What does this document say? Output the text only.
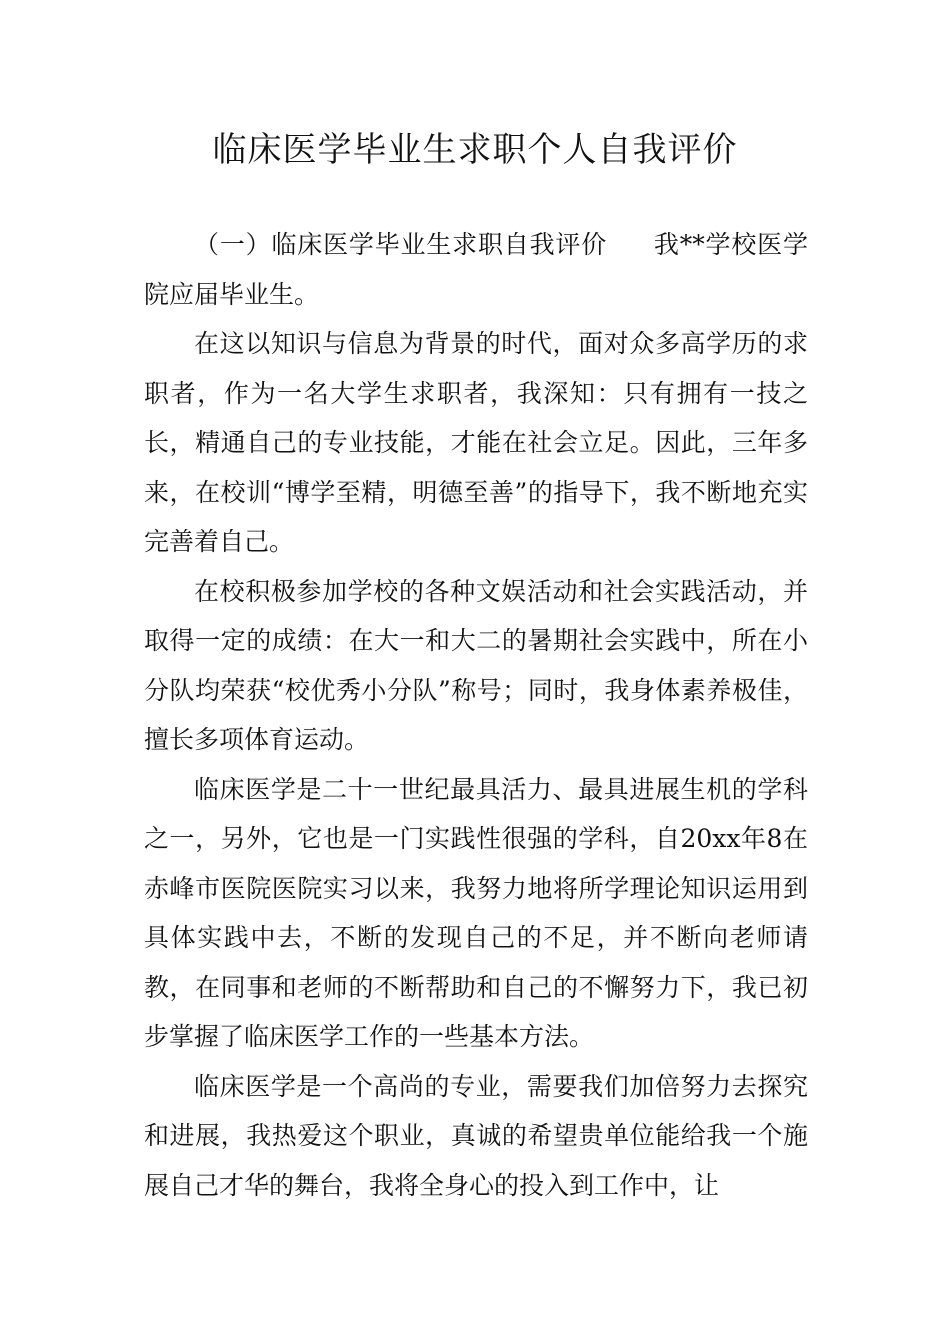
临床医学毕业生求职个人自我评价

（一）临床医学毕业生求职自我评价 我**学校医学院应届毕业生。

在这以知识与信息为背景的时代，面对众多高学历的求职者，作为一名大学生求职者，我深知：只有拥有一技之长，精通自己的专业技能，才能在社会立足。因此，三年多来，在校训“博学至精，明德至善”的指导下，我不断地充实完善着自己。

在校积极参加学校的各种文娱活动和社会实践活动，并取得一定的成绩：在大一和大二的暑期社会实践中，所在小分队均荣获“校优秀小分队”称号；同时，我身体素养极佳，擅长多项体育运动。

临床医学是二十一世纪最具活力、最具进展生机的学科之一，另外，它也是一门实践性很强的学科，自20xx年8在赤峰市医院医院实习以来，我努力地将所学理论知识运用到具体实践中去，不断的发现自己的不足，并不断向老师请教，在同事和老师的不断帮助和自己的不懈努力下，我已初步掌握了临床医学工作的一些基本方法。

临床医学是一个高尚的专业，需要我们加倍努力去探究和进展，我热爱这个职业，真诚的希望贵单位能给我一个施展自己才华的舞台，我将全身心的投入到工作中，让
